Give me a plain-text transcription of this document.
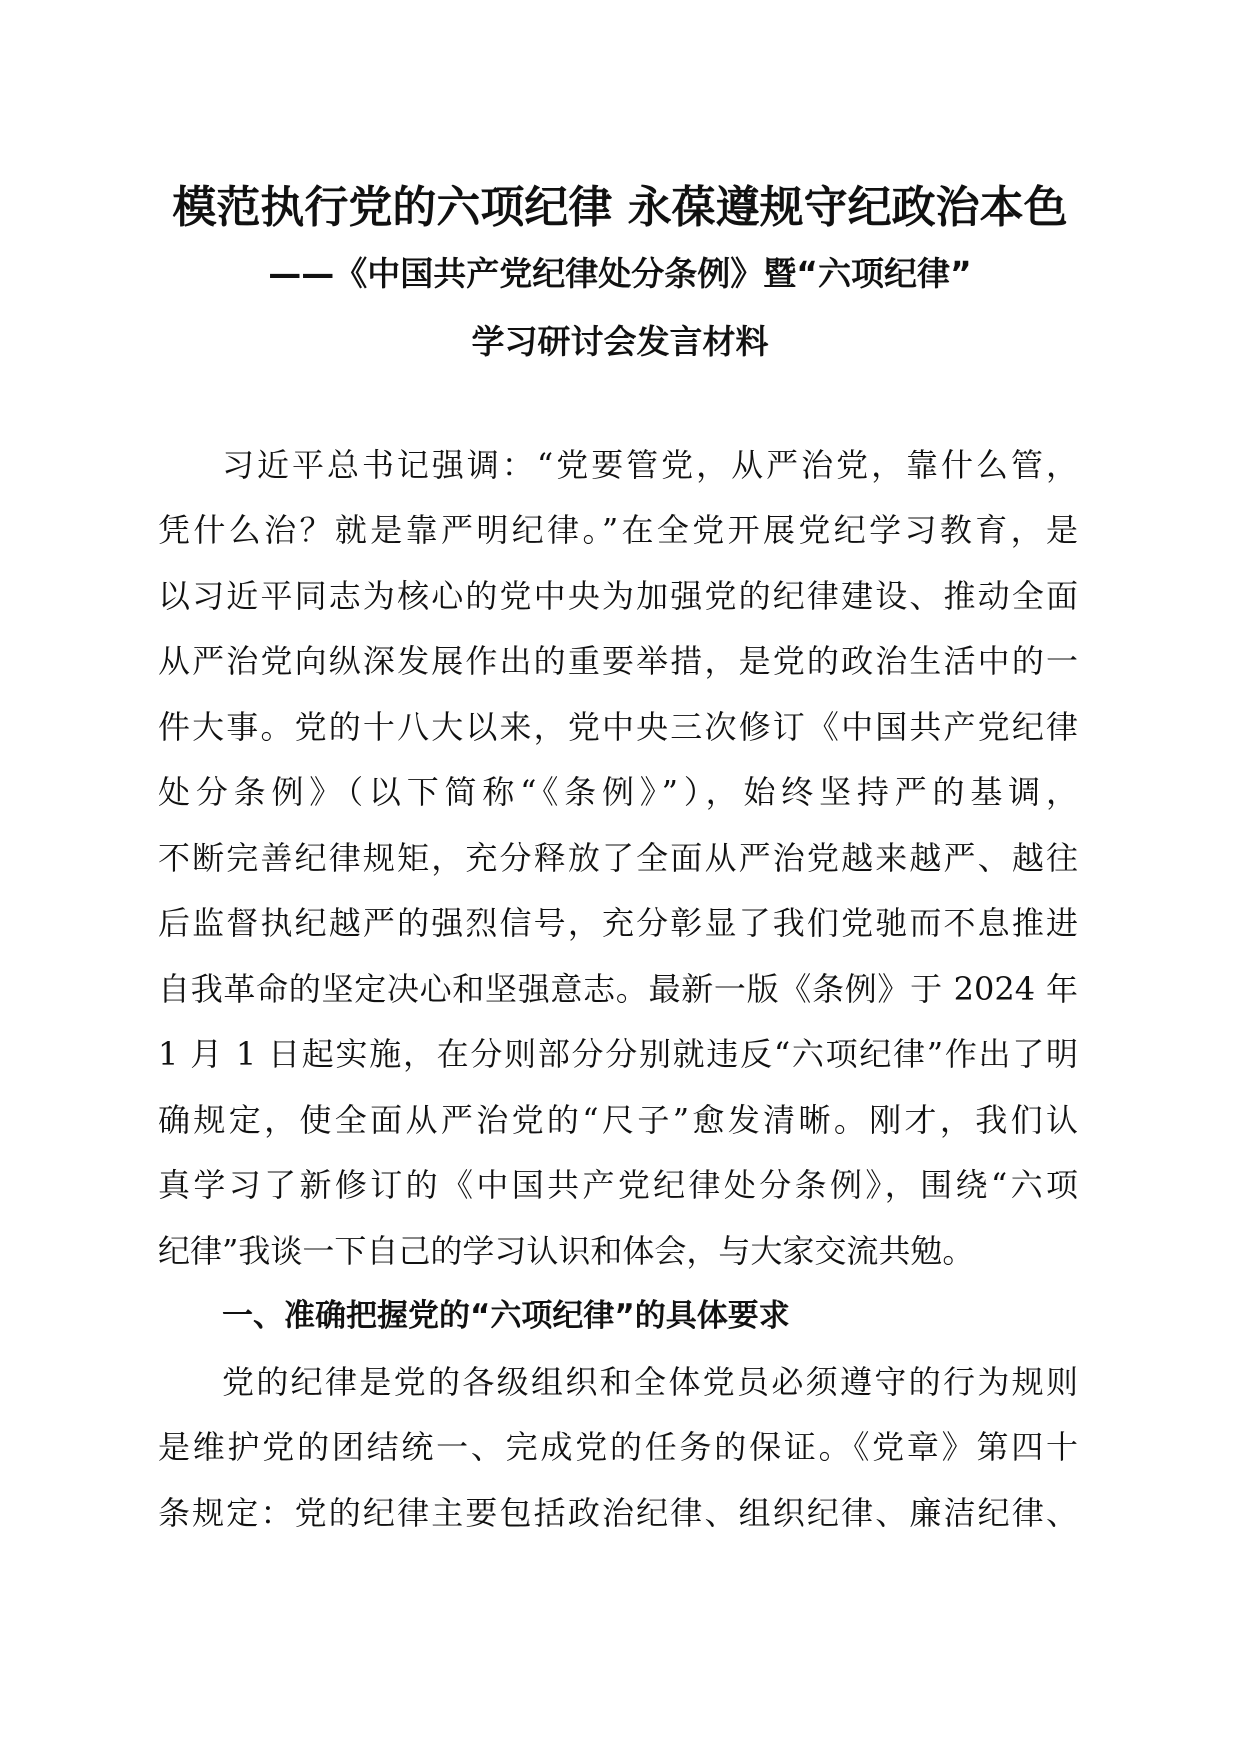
模范执行党的六项纪律 永葆遵规守纪政治本色
——《中国共产党纪律处分条例》暨“六项纪律”
学习研讨会发言材料

习近平总书记强调：“党要管党，从严治党，靠什么管，

凭什么治？就是靠严明纪律。”在全党开展党纪学习教育，是

以习近平同志为核心的党中央为加强党的纪律建设、推动全面

从严治党向纵深发展作出的重要举措，是党的政治生活中的一

件大事。党的十八大以来，党中央三次修订《中国共产党纪律

处分条例》（以下简称“《条例》”），始终坚持严的基调，

不断完善纪律规矩，充分释放了全面从严治党越来越严、越往

后监督执纪越严的强烈信号，充分彰显了我们党驰而不息推进

自我革命的坚定决心和坚强意志。最新一版《条例》于 2024 年

1 月 1 日起实施，在分则部分分别就违反“六项纪律”作出了明

确规定，使全面从严治党的“尺子”愈发清晰。刚才，我们认

真学习了新修订的《中国共产党纪律处分条例》，围绕“六项

纪律”我谈一下自己的学习认识和体会，与大家交流共勉。

一、准确把握党的“六项纪律”的具体要求

党的纪律是党的各级组织和全体党员必须遵守的行为规则

是维护党的团结统一、完成党的任务的保证。《党章》第四十

条规定：党的纪律主要包括政治纪律、组织纪律、廉洁纪律、
